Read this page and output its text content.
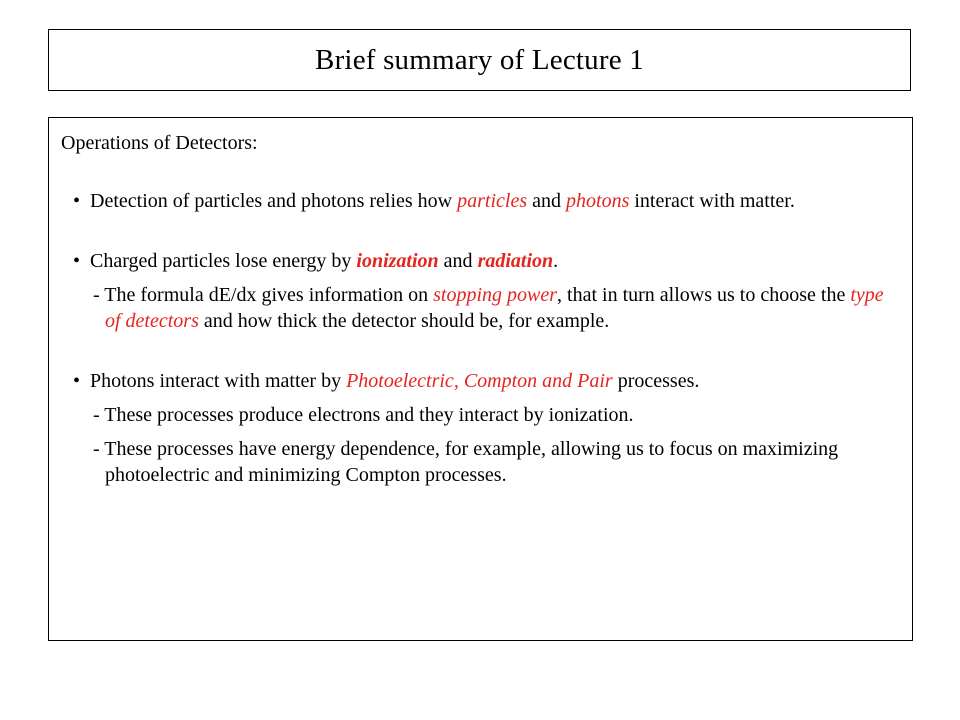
Brief summary of Lecture 1

Operations of Detectors:

• Detection of particles and photons relies how particles and photons interact with matter.

• Charged particles lose energy by ionization and radiation.

- The formula dE/dx gives information on stopping power, that in turn allows us to choose the type of detectors and how thick the detector should be, for example.

• Photons interact with matter by Photoelectric, Compton and Pair processes.

- These processes produce electrons and they interact by ionization.

- These processes have energy dependence, for example, allowing us to focus on maximizing photoelectric and minimizing Compton processes.
